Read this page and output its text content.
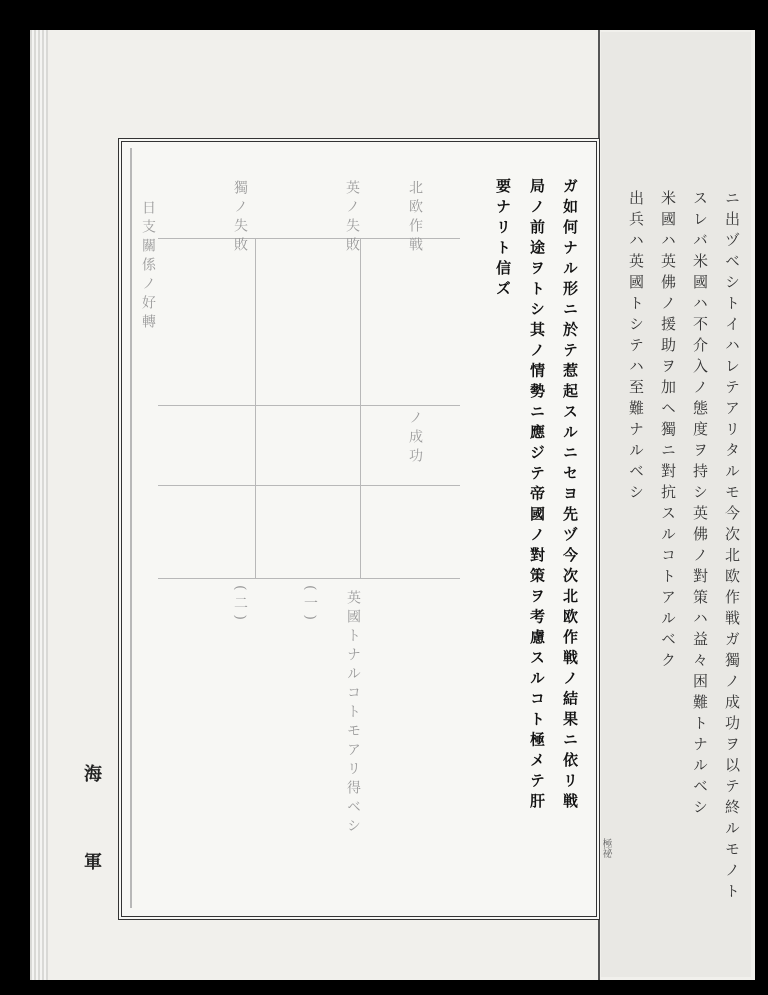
ニ出ヅベシトイハレテアリタルモ今次北欧作戦ガ獨ノ成功ヲ以テ終ルモノト
スレバ米國ハ不介入ノ態度ヲ持シ英佛ノ對策ハ益々困難トナルベシ
米國ハ英佛ノ援助ヲ加ヘ獨ニ對抗スルコトアルベク
出兵ハ英國トシテハ至難ナルベシ
北欧作戦
ノ成功
英ノ失敗
獨ノ失敗
日支關係ノ好轉
英國トナルコトモアリ得ベシ
(一)
(二)	ガ如何ナル形ニ於テ惹起スルニセヨ先ヅ今次北欧作戦ノ結果ニ依リ戦
局ノ前途ヲトシ其ノ情勢ニ應ジテ帝國ノ對策ヲ考慮スルコト極メテ肝
要ナリト信ズ
海
軍
極祕
